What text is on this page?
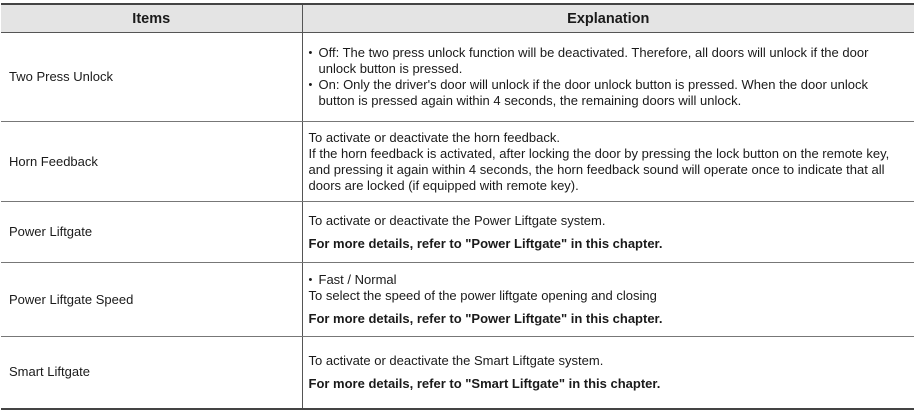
Items	Explanation
Two Press Unlock	• Off: The two press unlock function will be deactivated. Therefore, all doors will unlock if the door unlock button is pressed.
• On: Only the driver's door will unlock if the door unlock button is pressed. When the door unlock button is pressed again within 4 seconds, the remaining doors will unlock.

Horn Feedback	To activate or deactivate the horn feedback.
If the horn feedback is activated, after locking the door by pressing the lock button on the remote key, and pressing it again within 4 seconds, the horn feedback sound will operate once to indicate that all doors are locked (if equipped with remote key).

Power Liftgate	To activate or deactivate the Power Liftgate system.
For more details, refer to "Power Liftgate" in this chapter.

Power Liftgate Speed	• Fast / Normal
To select the speed of the power liftgate opening and closing
For more details, refer to "Power Liftgate" in this chapter.

Smart Liftgate	To activate or deactivate the Smart Liftgate system.
For more details, refer to "Smart Liftgate" in this chapter.
